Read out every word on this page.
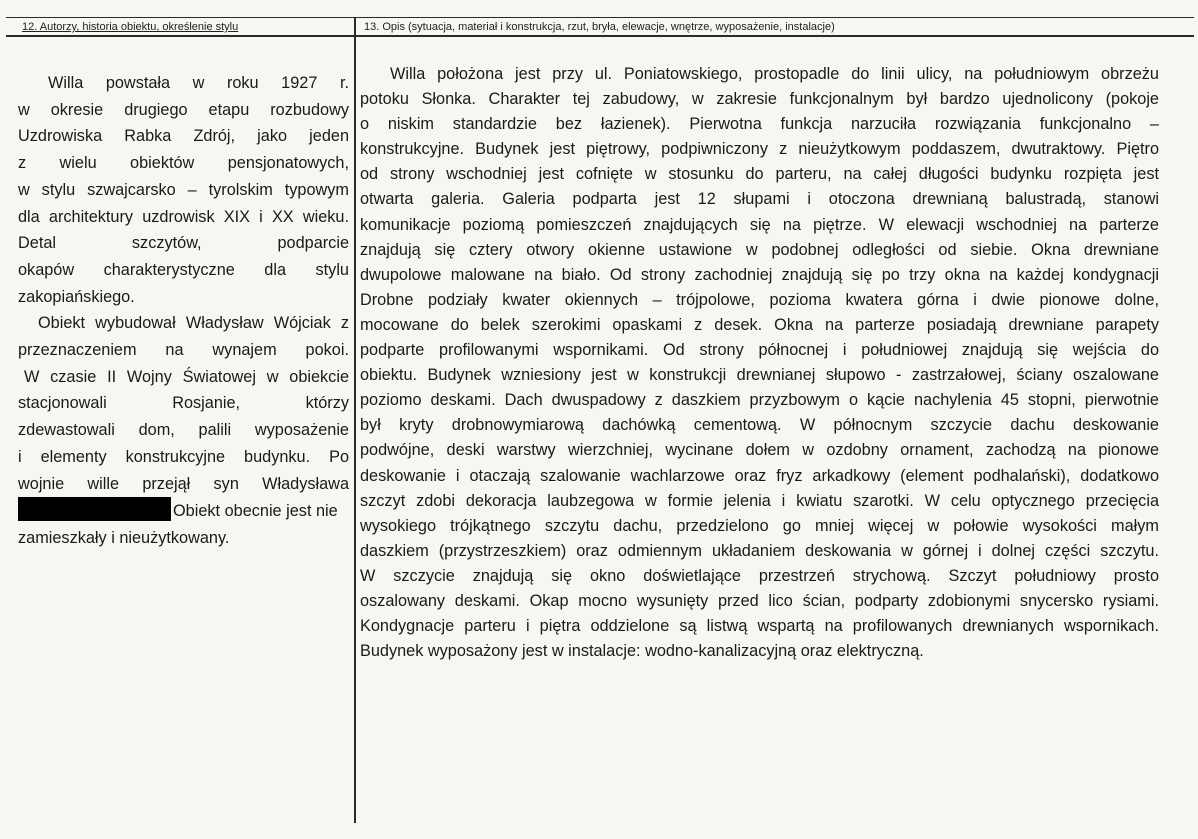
12. Autorzy, historia obiektu, określenie stylu	13. Opis (sytuacja, materiał i konstrukcja, rzut, bryła, elewacje, wnętrze, wyposażenie, instalacje)

Willa powstała w roku 1927 r.

w okresie drugiego etapu rozbudowy

Uzdrowiska Rabka Zdrój, jako jeden

z wielu obiektów pensjonatowych,

w stylu szwajcarsko – tyrolskim typowym

dla architektury uzdrowisk XIX i XX wieku.

Detal szczytów, podparcie

okapów charakterystyczne dla stylu

zakopiańskiego.

Obiekt wybudował Władysław Wójciak z

przeznaczeniem na wynajem pokoi.

W czasie II Wojny Światowej w obiekcie

stacjonowali Rosjanie, którzy

zdewastowali dom, palili wyposażenie

i elementy konstrukcyjne budynku. Po

wojnie wille przejął syn Władysława

Obiekt obecnie jest nie

zamieszkały i nieużytkowany.

Willa położona jest przy ul. Poniatowskiego, prostopadle do linii ulicy, na południowym obrzeżu
potoku Słonka. Charakter tej zabudowy, w zakresie funkcjonalnym był bardzo ujednolicony (pokoje
o niskim standardzie bez łazienek). Pierwotna funkcja narzuciła rozwiązania funkcjonalno –
konstrukcyjne. Budynek jest piętrowy, podpiwniczony z nieużytkowym poddaszem, dwutraktowy. Piętro
od strony wschodniej jest cofnięte w stosunku do parteru, na całej długości budynku rozpięta jest
otwarta galeria. Galeria podparta jest 12 słupami i otoczona drewnianą balustradą, stanowi
komunikacje poziomą pomieszczeń znajdujących się na piętrze. W elewacji wschodniej na parterze
znajdują się cztery otwory okienne ustawione w podobnej odległości od siebie. Okna drewniane
dwupolowe malowane na biało. Od strony zachodniej znajdują się po trzy okna na każdej kondygnacji
Drobne podziały kwater okiennych – trójpolowe, pozioma kwatera górna i dwie pionowe dolne,
mocowane do belek szerokimi opaskami z desek. Okna na parterze posiadają drewniane parapety
podparte profilowanymi wspornikami. Od strony północnej i południowej znajdują się wejścia do
obiektu. Budynek wzniesiony jest w konstrukcji drewnianej słupowo - zastrzałowej, ściany oszalowane
poziomo deskami. Dach dwuspadowy z daszkiem przyzbowym o kącie nachylenia 45 stopni, pierwotnie
był kryty drobnowymiarową dachówką cementową. W północnym szczycie dachu deskowanie
podwójne, deski warstwy wierzchniej, wycinane dołem w ozdobny ornament, zachodzą na pionowe
deskowanie i otaczają szalowanie wachlarzowe oraz fryz arkadkowy (element podhalański), dodatkowo
szczyt zdobi dekoracja laubzegowa w formie jelenia i kwiatu szarotki. W celu optycznego przecięcia
wysokiego trójkątnego szczytu dachu, przedzielono go mniej więcej w połowie wysokości małym
daszkiem (przystrzeszkiem) oraz odmiennym układaniem deskowania w górnej i dolnej części szczytu.
W szczycie znajdują się okno doświetlające przestrzeń strychową. Szczyt południowy prosto
oszalowany deskami. Okap mocno wysunięty przed lico ścian, podparty zdobionymi snycersko rysiami.
Kondygnacje parteru i piętra oddzielone są listwą wspartą na profilowanych drewnianych wspornikach.
Budynek wyposażony jest w instalacje: wodno-kanalizacyjną oraz elektryczną.
